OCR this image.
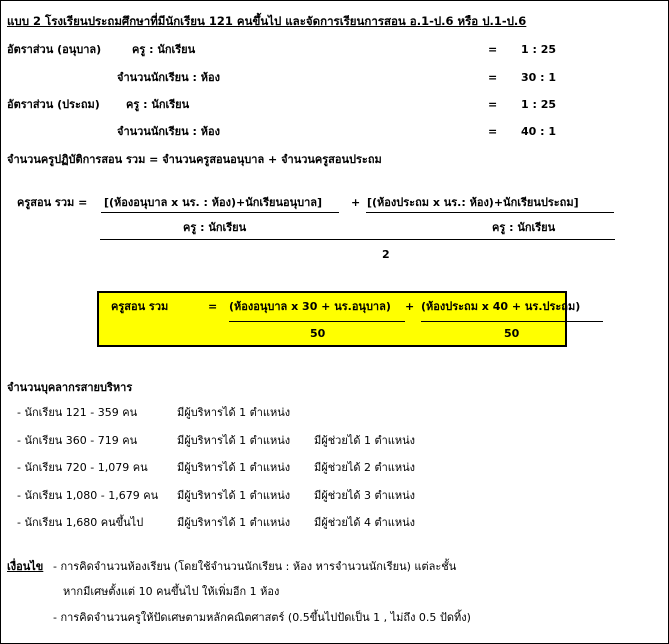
แบบ 2 โรงเรียนประถมศึกษาที่มีนักเรียน 121 คนขึ้นไป และจัดการเรียนการสอน อ.1-ป.6 หรือ ป.1-ป.6
อัตราส่วน (อนุบาล)	ครู : นักเรียน	= 1 : 25
จำนวนนักเรียน : ห้อง	= 30 : 1
อัตราส่วน (ประถม) ครู : นักเรียน	= 1 : 25
จำนวนนักเรียน : ห้อง	= 40 : 1
จำนวนครูปฏิบัติการสอน รวม = จำนวนครูสอนอนุบาล + จำนวนครูสอนประถม
ครูสอน รวม = [(ห้องอนุบาล x นร. : ห้อง)+นักเรียนอนุบาล]	+ [(ห้องประถม x นร.: ห้อง)+นักเรียนประถม]
ครู : นักเรียน	ครู : นักเรียน
2
ครูสอน รวม	= (ห้องอนุบาล x 30 + นร.อนุบาล) + (ห้องประถม x 40 + นร.ประถม)
50	50
จำนวนบุคลากรสายบริหาร
- นักเรียน 121 - 359 คน	มีผู้บริหารได้ 1 ตำแหน่ง
- นักเรียน 360 - 719 คน	มีผู้บริหารได้ 1 ตำแหน่ง มีผู้ช่วยได้ 1 ตำแหน่ง
- นักเรียน 720 - 1,079 คน	มีผู้บริหารได้ 1 ตำแหน่ง มีผู้ช่วยได้ 2 ตำแหน่ง
- นักเรียน 1,080 - 1,679 คน มีผู้บริหารได้ 1 ตำแหน่ง มีผู้ช่วยได้ 3 ตำแหน่ง
- นักเรียน 1,680 คนขึ้นไป	มีผู้บริหารได้ 1 ตำแหน่ง มีผู้ช่วยได้ 4 ตำแหน่ง
เงื่อนไข - การคิดจำนวนห้องเรียน (โดยใช้จำนวนนักเรียน : ห้อง หารจำนวนนักเรียน) แต่ละชั้น
หากมีเศษตั้งแต่ 10 คนขึ้นไป ให้เพิ่มอีก 1 ห้อง
- การคิดจำนวนครูให้ปัดเศษตามหลักคณิตศาสตร์ (0.5ขึ้นไปปัดเป็น 1 , ไม่ถึง 0.5 ปัดทิ้ง)
